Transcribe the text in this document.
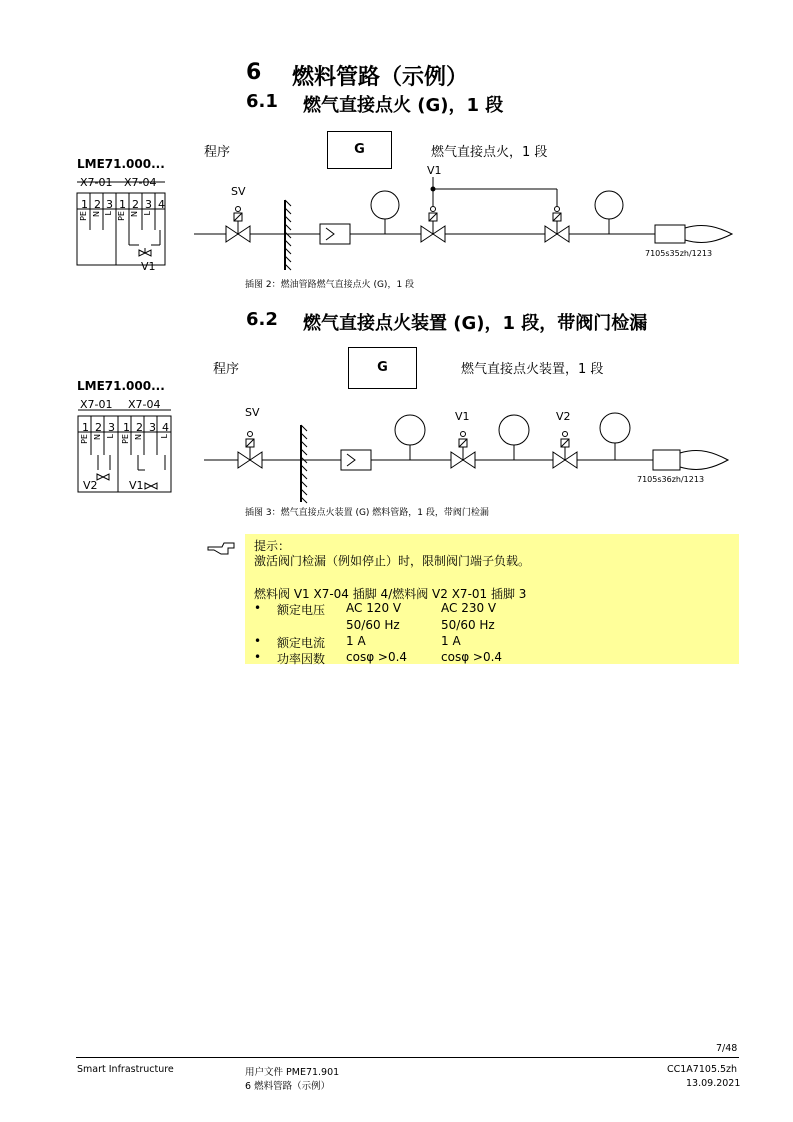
6 燃料管路（示例）
6.1 燃气直接点火 (G)，1 段
程序	G	燃气直接点火，1 段
LME71.000...
X7-01 X7-04
1 2 3 1 2 3 4
PE N L PE N L
V1
SV
V1
7105s35zh/1213
插图 2：燃油管路燃气直接点火 (G)，1 段
6.2 燃气直接点火装置 (G)，1 段，带阀门检漏
程序	G	燃气直接点火装置，1 段
LME71.000...
X7-01 X7-04
1 2 3 1 2 3 4
PE N L PE N L
V2	V1
SV	V1	V2
7105s36zh/1213
插图 3：燃气直接点火装置 (G) 燃料管路，1 段，带阀门检漏
提示：
激活阀门检漏（例如停止）时，限制阀门端子负载。
燃料阀 V1 X7-04 插脚 4/燃料阀 V2 X7-01 插脚 3
• 额定电压 AC 120 V	AC 230 V
50/60 Hz	50/60 Hz
• 额定电流 1 A	1 A
• 功率因数 cosφ >0.4	cosφ >0.4
7/48
Smart Infrastructure	用户文件 PME71.901
6 燃料管路（示例）
CC1A7105.5zh
13.09.2021
